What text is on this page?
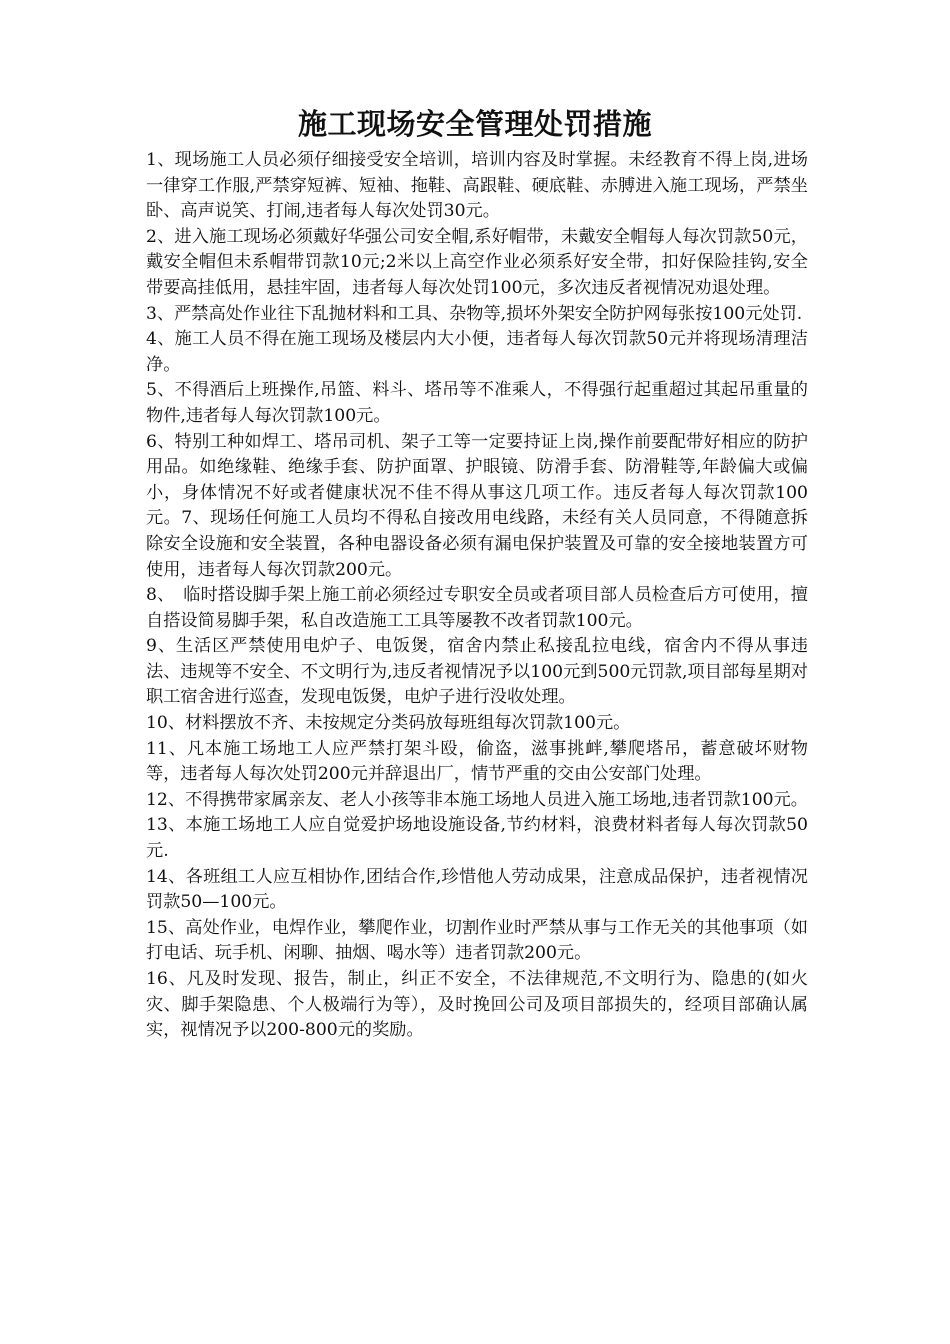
施工现场安全管理处罚措施

1、现场施工人员必须仔细接受安全培训，培训内容及时掌握。未经教育不得上岗,进场一律穿工作服,严禁穿短裤、短袖、拖鞋、高跟鞋、硬底鞋、赤膊进入施工现场，严禁坐卧、高声说笑、打闹,违者每人每次处罚30元。

2、进入施工现场必须戴好华强公司安全帽,系好帽带，未戴安全帽每人每次罚款50元，戴安全帽但未系帽带罚款10元;2米以上高空作业必须系好安全带，扣好保险挂钩,安全带要高挂低用，悬挂牢固，违者每人每次处罚100元，多次违反者视情况劝退处理。

3、严禁高处作业往下乱抛材料和工具、杂物等,损坏外架安全防护网每张按100元处罚.

4、施工人员不得在施工现场及楼层内大小便，违者每人每次罚款50元并将现场清理洁净。

5、不得酒后上班操作,吊篮、料斗、塔吊等不准乘人，不得强行起重超过其起吊重量的物件,违者每人每次罚款100元。

6、特别工种如焊工、塔吊司机、架子工等一定要持证上岗,操作前要配带好相应的防护用品。如绝缘鞋、绝缘手套、防护面罩、护眼镜、防滑手套、防滑鞋等,年龄偏大或偏小，身体情况不好或者健康状况不佳不得从事这几项工作。违反者每人每次罚款100元。7、现场任何施工人员均不得私自接改用电线路，未经有关人员同意，不得随意拆除安全设施和安全装置，各种电器设备必须有漏电保护装置及可靠的安全接地装置方可使用，违者每人每次罚款200元。

8、　临时搭设脚手架上施工前必须经过专职安全员或者项目部人员检查后方可使用，擅自搭设简易脚手架，私自改造施工工具等屡教不改者罚款100元。

9、生活区严禁使用电炉子、电饭煲，宿舍内禁止私接乱拉电线，宿舍内不得从事违法、违规等不安全、不文明行为,违反者视情况予以100元到500元罚款,项目部每星期对职工宿舍进行巡查，发现电饭煲，电炉子进行没收处理。

10、材料摆放不齐、未按规定分类码放每班组每次罚款100元。

11、凡本施工场地工人应严禁打架斗殴，偷盗，滋事挑衅,攀爬塔吊，蓄意破坏财物等，违者每人每次处罚200元并辞退出厂，情节严重的交由公安部门处理。

12、不得携带家属亲友、老人小孩等非本施工场地人员进入施工场地,违者罚款100元。13、本施工场地工人应自觉爱护场地设施设备,节约材料，浪费材料者每人每次罚款50元.

14、各班组工人应互相协作,团结合作,珍惜他人劳动成果，注意成品保护，违者视情况罚款50—100元。

15、高处作业，电焊作业，攀爬作业，切割作业时严禁从事与工作无关的其他事项（如打电话、玩手机、闲聊、抽烟、喝水等）违者罚款200元。

16、凡及时发现、报告，制止，纠正不安全，不法律规范,不文明行为、隐患的(如火灾、脚手架隐患、个人极端行为等），及时挽回公司及项目部损失的，经项目部确认属实，视情况予以200-800元的奖励。
